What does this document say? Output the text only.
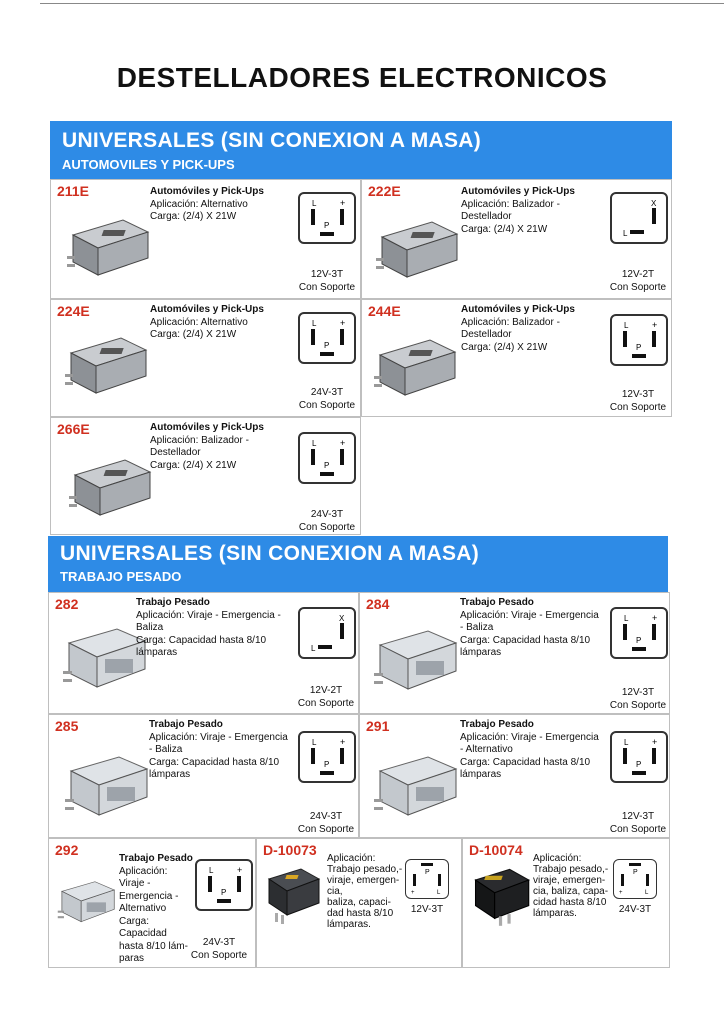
DESTELLADORES ELECTRONICOS
UNIVERSALES (SIN CONEXION A MASA)
AUTOMOVILES Y PICK-UPS
211E	Automóviles y Pick-Ups
Aplicación: Alternativo
Carga: (2/4) X 21W
L	+
P
12V-3T
Con Soporte
222E	Automóviles y Pick-Ups
Aplicación: Balizador - Destellador
Carga: (2/4) X 21W
X
L
12V-2T
Con Soporte
224E	Automóviles y Pick-Ups
Aplicación: Alternativo
Carga: (2/4) X 21W
L	+
P
24V-3T
Con Soporte
244E	Automóviles y Pick-Ups
Aplicación: Balizador - Destellador
Carga: (2/4) X 21W
L	+
P
12V-3T
Con Soporte
266E	Automóviles y Pick-Ups
Aplicación: Balizador - Destellador
Carga: (2/4) X 21W
L	+
P
24V-3T
Con Soporte
UNIVERSALES (SIN CONEXION A MASA)
TRABAJO PESADO
282	Trabajo Pesado
Aplicación: Viraje - Emergencia - Baliza
Carga: Capacidad hasta 8/10 lámparas
X
L
12V-2T
Con Soporte
284	Trabajo Pesado
Aplicación: Viraje - Emergencia - Baliza
Carga: Capacidad hasta 8/10 lámparas
L	+
P
12V-3T
Con Soporte
285	Trabajo Pesado
Aplicación: Viraje - Emergencia - Baliza
Carga: Capacidad hasta 8/10 lámparas
L	+
P
24V-3T
Con Soporte
291	Trabajo Pesado
Aplicación: Viraje - Emergencia - Alternativo
Carga: Capacidad hasta 8/10 lámparas
L	+
P
12V-3T
Con Soporte
292
Trabajo Pesado
Aplicación:
Viraje -
Emergencia -
Alternativo
Carga:
Capacidad
hasta 8/10 lám-
paras
L	+
P
24V-3T
Con Soporte
D-10073
Aplicación:
Trabajo pesado,-
viraje, emergen-
cia,
baliza, capaci-
dad hasta 8/10
lámparas.
P
+	L
12V-3T
D-10074
Aplicación:
Trabajo pesado,-
viraje, emergen-
cia, baliza, capa-
cidad hasta 8/10
lámparas.
P
+	L
24V-3T
